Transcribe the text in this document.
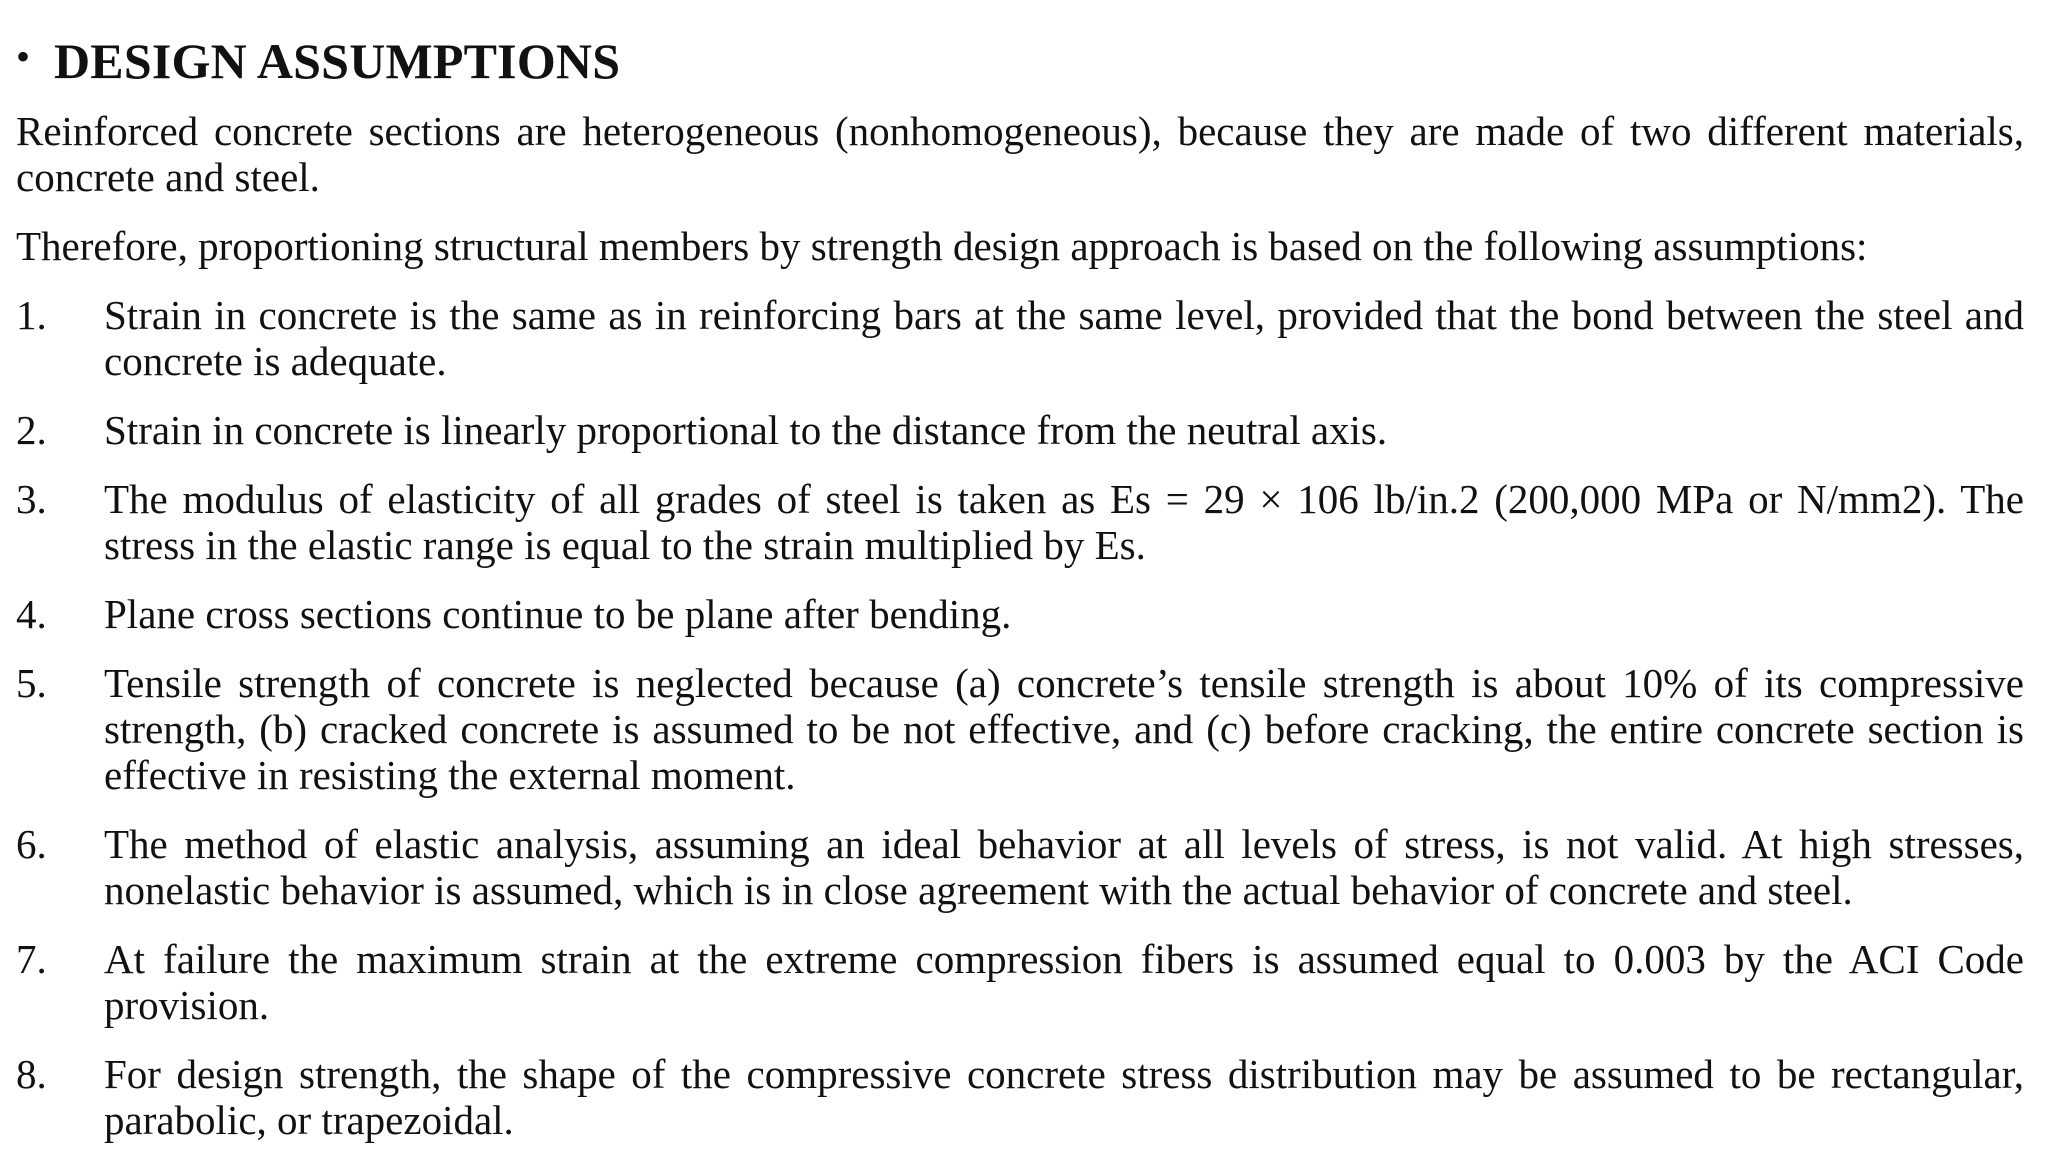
• DESIGN ASSUMPTIONS

Reinforced concrete sections are heterogeneous (nonhomogeneous), because they are made of two different materials, concrete and steel.

Therefore, proportioning structural members by strength design approach is based on the following assumptions:

1.	Strain in concrete is the same as in reinforcing bars at the same level, provided that the bond between the steel and concrete is adequate.
2.	Strain in concrete is linearly proportional to the distance from the neutral axis.
3.	The modulus of elasticity of all grades of steel is taken as Es = 29 × 106 lb/in.2 (200,000 MPa or N/mm2). The stress in the elastic range is equal to the strain multiplied by Es.
4.	Plane cross sections continue to be plane after bending.
5.	Tensile strength of concrete is neglected because (a) concrete’s tensile strength is about 10% of its compressive strength, (b) cracked concrete is assumed to be not effective, and (c) before cracking, the entire concrete section is effective in resisting the external moment.
6.	The method of elastic analysis, assuming an ideal behavior at all levels of stress, is not valid. At high stresses, nonelastic behavior is assumed, which is in close agreement with the actual behavior of concrete and steel.
7.	At failure the maximum strain at the extreme compression fibers is assumed equal to 0.003 by the ACI Code provision.
8.	For design strength, the shape of the compressive concrete stress distribution may be assumed to be rectangular, parabolic, or trapezoidal.
